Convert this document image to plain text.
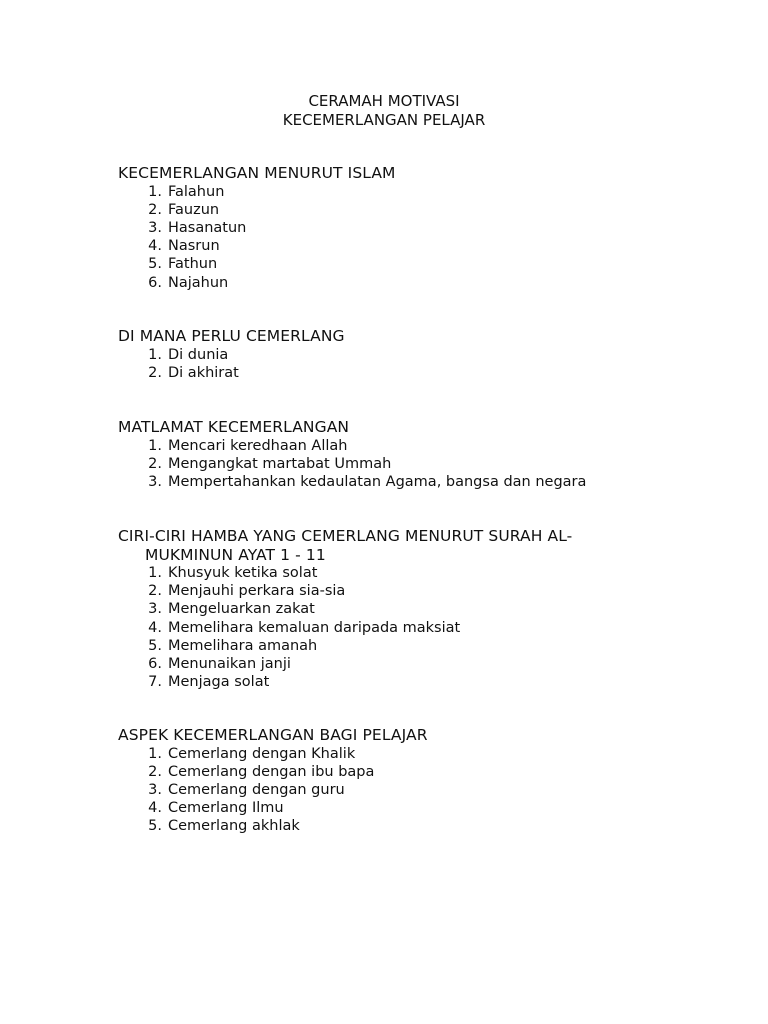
CERAMAH MOTIVASI
KECEMERLANGAN PELAJAR
KECEMERLANGAN MENURUT ISLAM
1. Falahun
2. Fauzun
3. Hasanatun
4. Nasrun
5. Fathun
6. Najahun
DI MANA PERLU CEMERLANG
1. Di dunia
2. Di akhirat
MATLAMAT KECEMERLANGAN
1. Mencari keredhaan Allah
2. Mengangkat martabat Ummah
3. Mempertahankan kedaulatan Agama, bangsa dan negara
CIRI-CIRI HAMBA YANG CEMERLANG MENURUT SURAH AL-
MUKMINUN AYAT 1 - 11
1. Khusyuk ketika solat
2. Menjauhi perkara sia-sia
3. Mengeluarkan zakat
4. Memelihara kemaluan daripada maksiat
5. Memelihara amanah
6. Menunaikan janji
7. Menjaga solat
ASPEK KECEMERLANGAN BAGI PELAJAR
1. Cemerlang dengan Khalik
2. Cemerlang dengan ibu bapa
3. Cemerlang dengan guru
4. Cemerlang Ilmu
5. Cemerlang akhlak
